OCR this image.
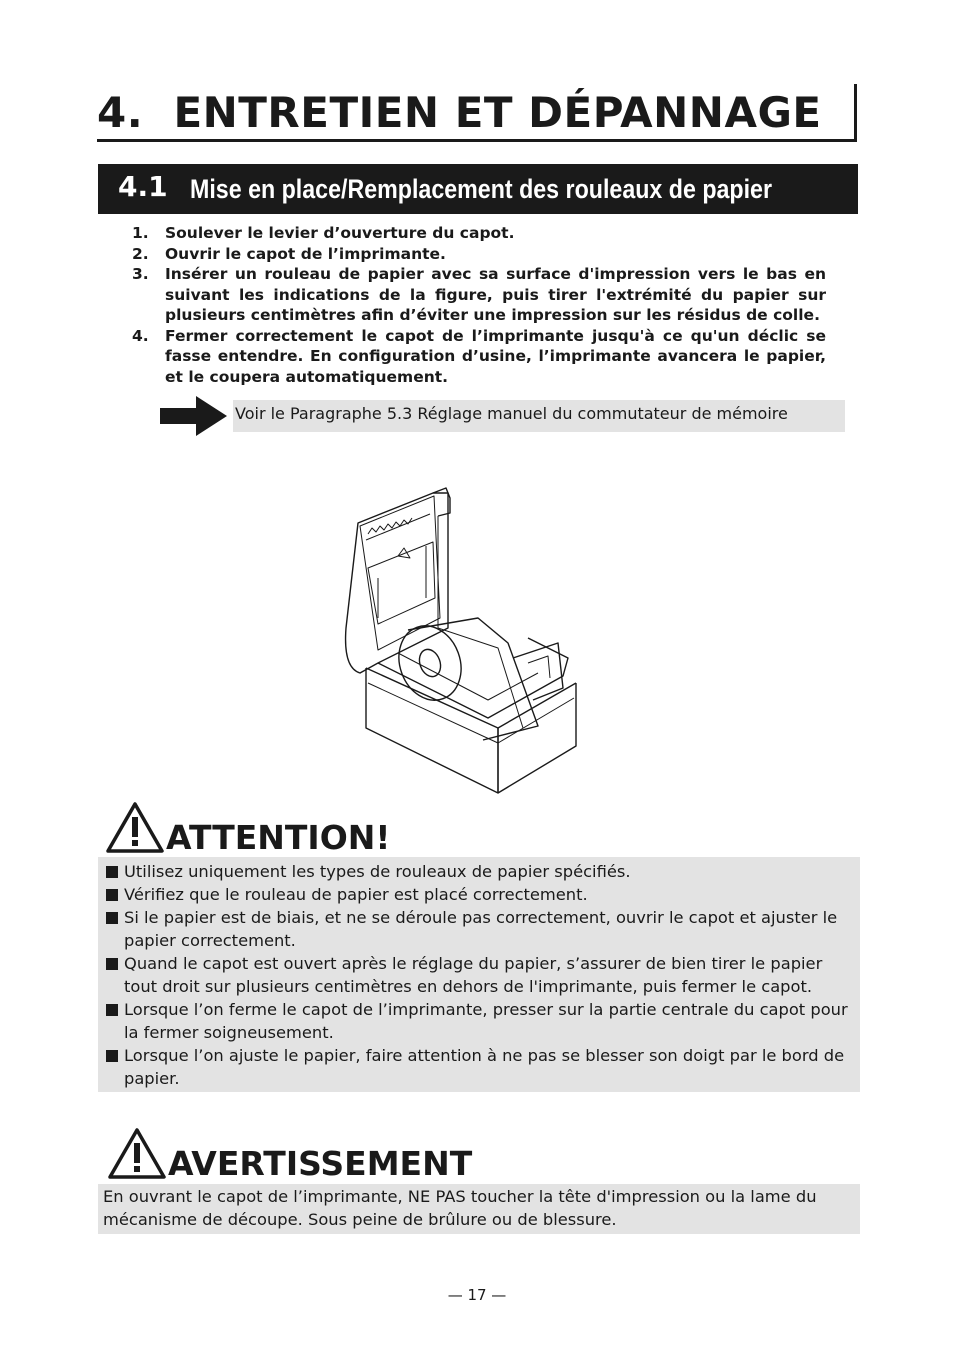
4. ENTRETIEN ET DÉPANNAGE
4.1 Mise en place/Remplacement des rouleaux de papier
1. Soulever le levier d’ouverture du capot.
2. Ouvrir le capot de l’imprimante.
3. Insérer un rouleau de papier avec sa surface d'impression vers le bas en suivant les indications de la figure, puis tirer l'extrémité du papier sur plusieurs centimètres afin d’éviter une impression sur les résidus de colle.
4. Fermer correctement le capot de l’imprimante jusqu'à ce qu'un déclic se fasse entendre. En configuration d’usine, l’imprimante avancera le papier, et le coupera automatiquement.
Voir le Paragraphe 5.3 Réglage manuel du commutateur de mémoire
ATTENTION!
Utilisez uniquement les types de rouleaux de papier spécifiés.
Vérifiez que le rouleau de papier est placé correctement.
Si le papier est de biais, et ne se déroule pas correctement, ouvrir le capot et ajuster le papier correctement.
Quand le capot est ouvert après le réglage du papier, s’assurer de bien tirer le papier tout droit sur plusieurs centimètres en dehors de l'imprimante, puis fermer le capot.
Lorsque l’on ferme le capot de l’imprimante, presser sur la partie centrale du capot pour la fermer soigneusement.
Lorsque l’on ajuste le papier, faire attention à ne pas se blesser son doigt par le bord de papier.
AVERTISSEMENT

En ouvrant le capot de l’imprimante, NE PAS toucher la tête d'impression ou la lame du mécanisme de découpe. Sous peine de brûlure ou de blessure.

— 17 —
